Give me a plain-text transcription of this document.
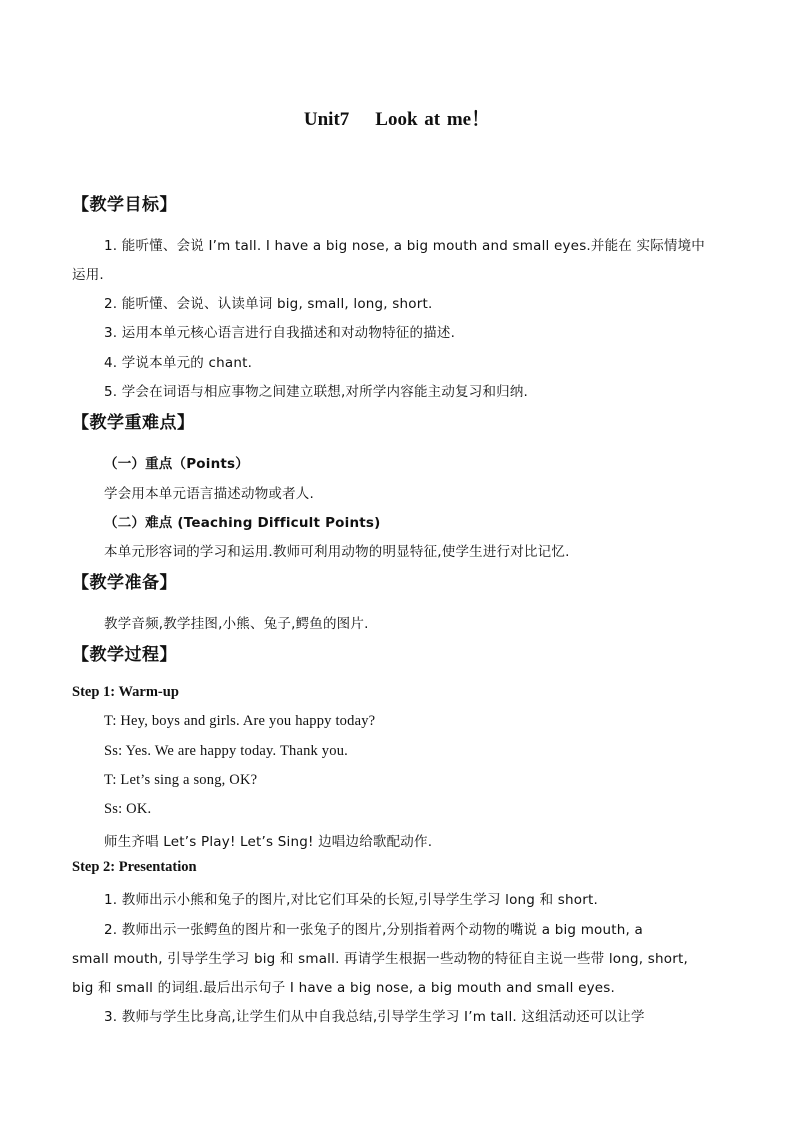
Unit7 Look at me！
【教学目标】
1. 能听懂、会说 I’m tall. I have a big nose, a big mouth and small eyes.并能在 实际情境中
运用.
2. 能听懂、会说、认读单词 big, small, long, short.
3. 运用本单元核心语言进行自我描述和对动物特征的描述.
4. 学说本单元的 chant.
5. 学会在词语与相应事物之间建立联想,对所学内容能主动复习和归纳.
【教学重难点】
（一）重点（Points）
学会用本单元语言描述动物或者人.
（二）难点 (Teaching Difficult Points)
本单元形容词的学习和运用.教师可利用动物的明显特征,使学生进行对比记忆.
【教学准备】
教学音频,教学挂图,小熊、兔子,鳄鱼的图片.
【教学过程】
Step 1: Warm-up
T: Hey, boys and girls. Are you happy today?
Ss: Yes. We are happy today. Thank you.
T: Let’s sing a song, OK?
Ss: OK.
师生齐唱 Let’s Play! Let’s Sing! 边唱边给歌配动作.
Step 2: Presentation
1. 教师出示小熊和兔子的图片,对比它们耳朵的长短,引导学生学习 long 和 short.
2. 教师出示一张鳄鱼的图片和一张兔子的图片,分别指着两个动物的嘴说 a big mouth, a
small mouth, 引导学生学习 big 和 small. 再请学生根据一些动物的特征自主说一些带 long, short,
big 和 small 的词组.最后出示句子 I have a big nose, a big mouth and small eyes.
3. 教师与学生比身高,让学生们从中自我总结,引导学生学习 I’m tall. 这组活动还可以让学
